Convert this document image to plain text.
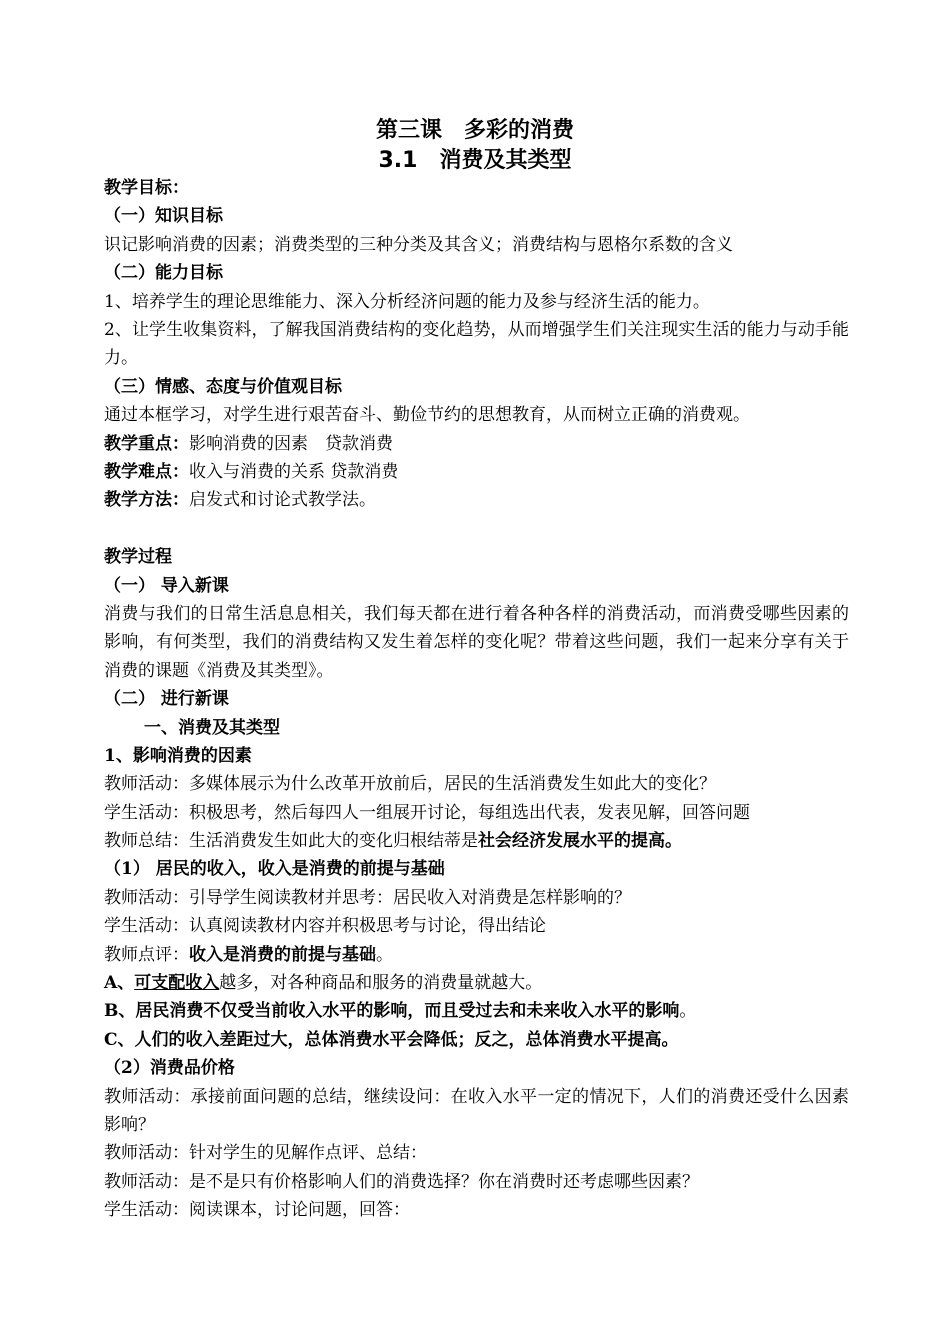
第三课　多彩的消费
3.1　消费及其类型
教学目标：
（一）知识目标
识记影响消费的因素；消费类型的三种分类及其含义；消费结构与恩格尔系数的含义
（二）能力目标
1、培养学生的理论思维能力、深入分析经济问题的能力及参与经济生活的能力。
2、让学生收集资料，了解我国消费结构的变化趋势，从而增强学生们关注现实生活的能力与动手能力。
（三）情感、态度与价值观目标
通过本框学习，对学生进行艰苦奋斗、勤俭节约的思想教育，从而树立正确的消费观。
教学重点：影响消费的因素　贷款消费
教学难点：收入与消费的关系 贷款消费
教学方法：启发式和讨论式教学法。
教学过程
（一） 导入新课
消费与我们的日常生活息息相关，我们每天都在进行着各种各样的消费活动，而消费受哪些因素的影响，有何类型，我们的消费结构又发生着怎样的变化呢？带着这些问题，我们一起来分享有关于消费的课题《消费及其类型》。
（二） 进行新课
一、消费及其类型
1、影响消费的因素
教师活动：多媒体展示为什么改革开放前后，居民的生活消费发生如此大的变化？
学生活动：积极思考，然后每四人一组展开讨论，每组选出代表，发表见解，回答问题
教师总结：生活消费发生如此大的变化归根结蒂是社会经济发展水平的提高。
（1） 居民的收入，收入是消费的前提与基础
教师活动：引导学生阅读教材并思考：居民收入对消费是怎样影响的？
学生活动：认真阅读教材内容并积极思考与讨论，得出结论
教师点评：收入是消费的前提与基础。
A、可支配收入越多，对各种商品和服务的消费量就越大。
B、居民消费不仅受当前收入水平的影响，而且受过去和未来收入水平的影响。
C、人们的收入差距过大，总体消费水平会降低；反之，总体消费水平提高。
（2）消费品价格
教师活动：承接前面问题的总结，继续设问：在收入水平一定的情况下，人们的消费还受什么因素影响？
教师活动：针对学生的见解作点评、总结：
教师活动：是不是只有价格影响人们的消费选择？你在消费时还考虑哪些因素？
学生活动：阅读课本，讨论问题，回答：
